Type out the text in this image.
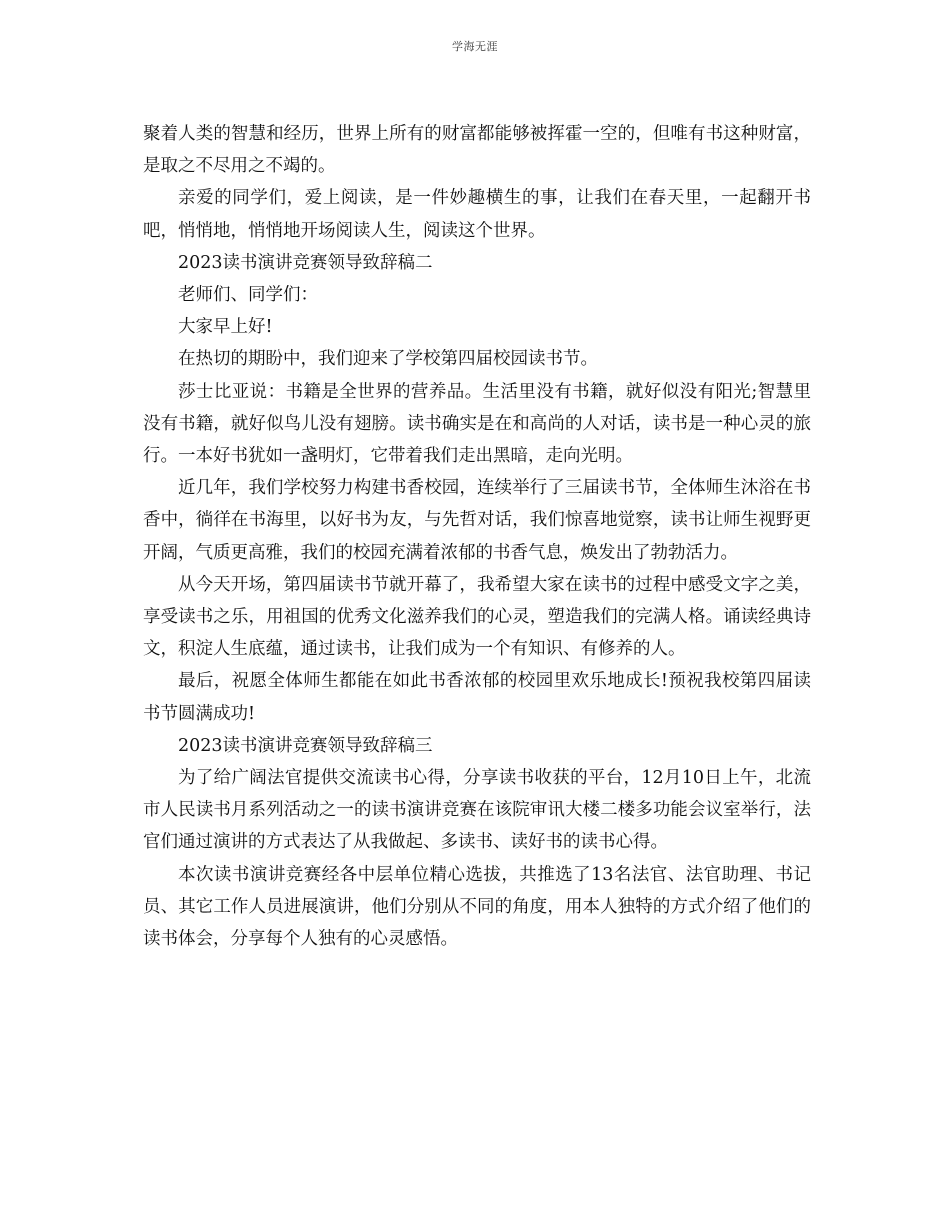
学海无涯

聚着人类的智慧和经历，世界上所有的财富都能够被挥霍一空的，但唯有书这种财富，是取之不尽用之不竭的。

亲爱的同学们，爱上阅读，是一件妙趣横生的事，让我们在春天里，一起翻开书吧，悄悄地，悄悄地开场阅读人生，阅读这个世界。

2023读书演讲竞赛领导致辞稿二

老师们、同学们：

大家早上好!

在热切的期盼中，我们迎来了学校第四届校园读书节。

莎士比亚说：书籍是全世界的营养品。生活里没有书籍，就好似没有阳光;智慧里没有书籍，就好似鸟儿没有翅膀。读书确实是在和高尚的人对话，读书是一种心灵的旅行。一本好书犹如一盏明灯，它带着我们走出黑暗，走向光明。

近几年，我们学校努力构建书香校园，连续举行了三届读书节，全体师生沐浴在书香中，徜徉在书海里，以好书为友，与先哲对话，我们惊喜地觉察，读书让师生视野更开阔，气质更高雅，我们的校园充满着浓郁的书香气息，焕发出了勃勃活力。

从今天开场，第四届读书节就开幕了，我希望大家在读书的过程中感受文字之美，享受读书之乐，用祖国的优秀文化滋养我们的心灵，塑造我们的完满人格。诵读经典诗文，积淀人生底蕴，通过读书，让我们成为一个有知识、有修养的人。

最后，祝愿全体师生都能在如此书香浓郁的校园里欢乐地成长!预祝我校第四届读书节圆满成功!

2023读书演讲竞赛领导致辞稿三

为了给广阔法官提供交流读书心得，分享读书收获的平台，12月10日上午，北流市人民读书月系列活动之一的读书演讲竞赛在该院审讯大楼二楼多功能会议室举行，法官们通过演讲的方式表达了从我做起、多读书、读好书的读书心得。

本次读书演讲竞赛经各中层单位精心选拔，共推选了13名法官、法官助理、书记员、其它工作人员进展演讲，他们分别从不同的角度，用本人独特的方式介绍了他们的读书体会，分享每个人独有的心灵感悟。
